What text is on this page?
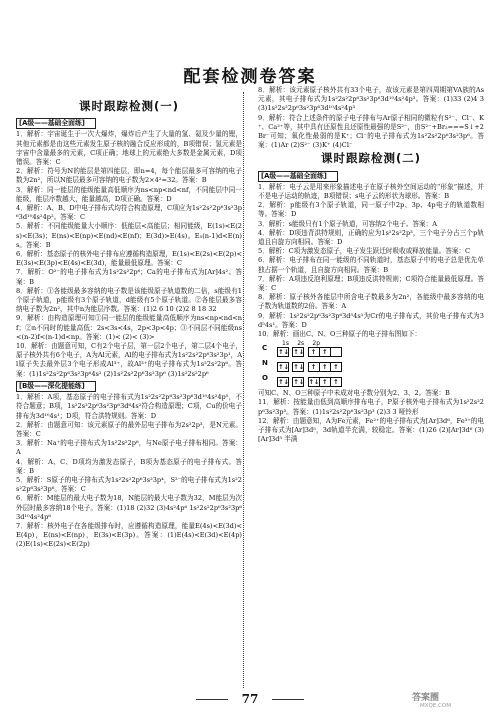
配套检测卷答案
课时跟踪检测(一)
[A级——基础全面练]

1．解析：宇宙诞生于一次大爆炸，爆炸后产生了大量的氢、氦及少量的锂，其他元素都是由这些元素发生原子核的融合反应形成的，B项错误；氢元素是宇宙中含量最多的元素，C项正确；地球上的元素绝大多数是金属元素，D项错误。答案：C

2．解析：符号为N的能层是第四能层，即n=4，每个能层最多可容纳的电子数为2n²，所以N能层最多可容纳的电子数为2×4²=32。答案：B

3．解析：同一能层的能级能量高低顺序为ns<np<nd<nf，不同能层中同一能级，能层序数越大，能量越高，D项正确。答案：D

4．解析：A、B、D中电子排布式均符合构造原理，C项应为1s²2s²2p⁶3s²3p⁶3d¹⁰4s²4p²。答案：C

5．解析：不同能级能量大小顺序：低能层<高能层；相同能级，E(1s)<E(2s)<E(3s)；E(ns)<E(np)<E(nd)<E(nf)；E(3d)>E(4s)。E₅(n-1)d<E(n)s。答案：B

6．解析：基态原子的核外电子排布应遵循构造原理，E(1s)<E(2s)<E(2p)<E(3s)<E(3p)<E(4s)<E(3d)，能量最低原理。答案：C

7．解析：O²⁻的电子排布式为1s²2s²2p⁶；Ca的电子排布式为[Ar]4s²。答案：B

8．解析：①各能级最多容纳的电子数是该能级原子轨道数的二倍，s能级有1个原子轨道，p能级有3个原子轨道，d能级有5个原子轨道。②各能层最多容纳电子数为2n²，其中n为能层序数。答案：(1)2 6 10 (2)2 8 18 32

9．解析：由构造原理可知①同一能层的能级能量高低顺序为ns<np<nd<nf；②n不同时的能量高低：2s<3s<4s，2p<3p<4p；③不同层不同能级ns<(n-2)f<(n-1)d<np。答案：(1)< (2)< (3)>

10．解析：由题意可知，C有2个电子层，第一层2个电子，第二层4个电子，原子核外共有6个电子，A为Al元素，Al的电子排布式为1s²2s²2p⁶3s²3p¹，Al原子失去最外层3个电子形成Al³⁺，故Al³⁺的电子排布式为1s²2s²2p⁶。答案：(1)1s²2s²2p⁶3s²3p⁶4s² (2)1s²2s²2p⁶3s²3p⁶ (3)1s²2s²2p⁶

[B级——深化提能练]

1．解析：A项，基态原子的电子排布式为1s²2s²2p⁶3s²3p⁶3d¹⁰4s²4p⁵，不符合题意；B项，1s²2s²2p⁶3s²3p⁶3d⁶4s²符合构造原理；C项，Cu的价电子排布为3d¹⁰4s¹；D项，符合洪特规则。答案：D

2．解析：由题意可知：该元素原子的最外层电子排布为2s²2p³，是N元素。答案：C

3．解析：Na⁺的电子排布式为1s²2s²2p⁶，与Ne原子电子排布相同。答案：A

4．解析：A、C、D项均为激发态原子，B项为基态原子的电子排布式。答案：B

5．解析：S原子的电子排布式为1s²2s²2p⁶3s²3p⁴，S²⁻的电子排布式为1s²2s²2p⁶3s²3p⁶。答案：C

6．解析：M能层的最大电子数为18，N能层的最大电子数为32，M能层为次外层时最多容纳18个电子。答案：(1)18 (2)32 (3)4s²4p⁶ 1s²2s²2p⁶3s²3p⁶3d¹⁰4s²4p⁶

7．解析：核外电子在各能级排布时，应遵循构造原理，能量E(4s)<E(3d)<E(4p)，E(ns)<E(np)，E(3s)<E(3p)。答案：(1)E(4s)<E(3d)<E(4p) (2)E(1s)<E(2s)<E(2p)

8．解析：该元素原子核外共有33个电子，故该元素是第四周期第VA族的As元素，其电子排布式为1s²2s²2p⁶3s²3p⁶3d¹⁰4s²4p³。答案：(1)33 (2)4 3 (3)1s²2s²2p⁶3s²3p⁶3d¹⁰4s²4p³

9．解析：符合上述条件的原子电子排布与Ar原子相同的微粒有S²⁻、Cl⁻、K⁺、Ca²⁺等，其中具有还原性且还原性最强的是S²⁻，由S²⁻+Br₂===S↓+2Br⁻可知；氧化性最弱的是K⁺；Cl⁻的电子排布式为1s²2s²2p⁶3s²3p⁶。答案：(1)Ar (2)S²⁻ (3)K⁺ (4)Cl⁻

课时跟踪检测(二)
[A级——基础全面练]

1．解析：电子云是用来形象描述电子在原子核外空间运动的“形象”描述，并不是电子运动的轨迹，B项错误；s电子云的形状为球形。答案：B

2．解析：p能级有3个原子轨道，同一原子中2p、3p、4p电子的轨道数相等。答案：D

3．解析：s能级只有1个原子轨道，可容纳2个电子。答案：A

4．解析：D项违背洪特规则，正确的应为1s²2s²2p³，三个电子分占三个p轨道且自旋方向相同。答案：D

5．解析：C项为激发态原子，电子发生跃迁时吸收或释放能量。答案：C

6．解析：电子排布在同一能级的不同轨道时，基态原子中的电子总是优先单独占据一个轨道，且自旋方向相同。答案：B

7．解析：A项违反泡利原理；B项违反洪特规则；C项符合能量最低原理。答案：C

8．解析：原子核外各能层中所含电子数最多为2n²，各能级中最多容纳的电子数为轨道数的2倍。答案：A

9．解析：1s²2s²2p⁶3s²3p⁶3d⁵4s¹为Cr的电子排布式，其价电子排布式为3d⁵4s¹。答案：D

10．解析：画出C、N、O三种原子的电子排布图如下：

C
1s
↑↓
2s
↑↓
2p
↑ ↑
N
↑↓ ↑↓	↑ ↑ ↑
O
↑↓ ↑↓ ↑↓ ↑ ↑

可知C、N、O三种原子中未成对电子数分别为2、3、2。答案：B

11．解析：按能量由低到高顺序排布电子，P原子核外电子排布式为1s²2s²2p⁶3s²3p³。答案：(1)1s²2s²2p⁶3s²3p³ (2)3 3 哑铃形

12．解析：由题意知，A为Fe元素，Fe²⁺的电子排布式为[Ar]3d⁶，Fe³⁺的电子排布式为[Ar]3d⁵，3d轨道半充满，较稳定。答案：(1)26 (2)[Ar]3d⁶ (3)[Ar]3d⁵ 半满

77	答案圈
MXQE.COM
